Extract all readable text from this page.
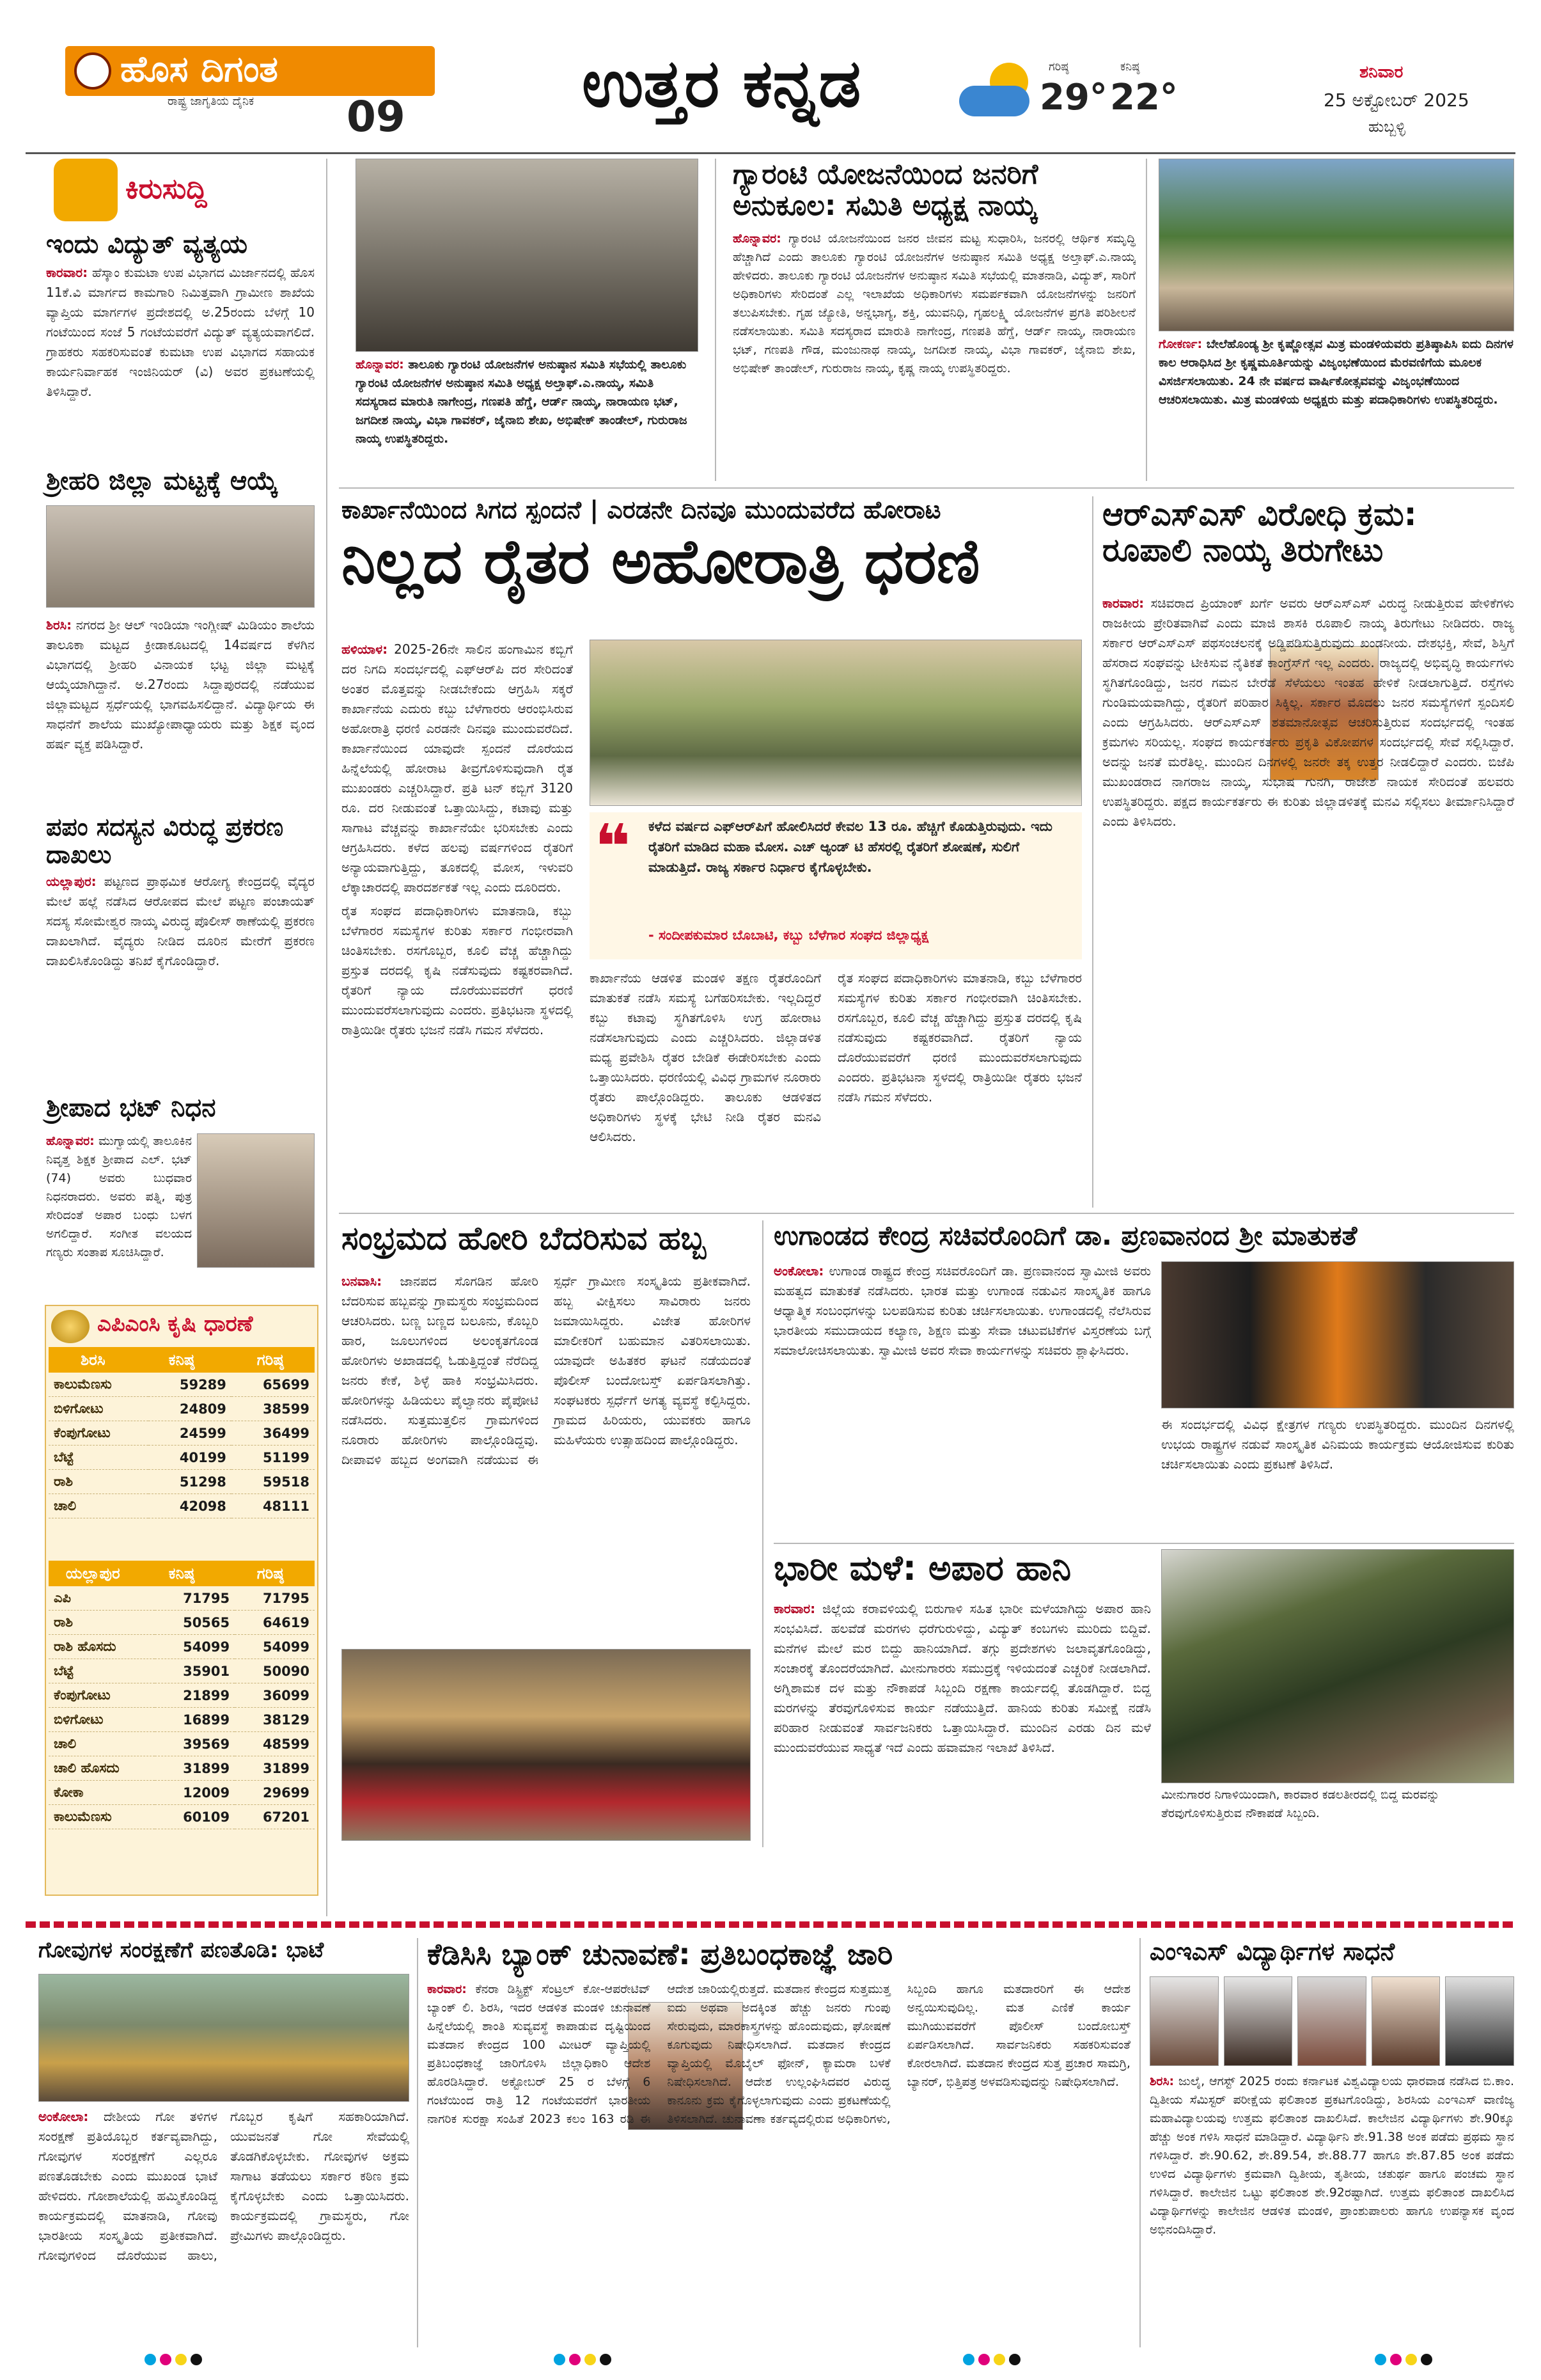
ಹೊಸ ದಿಗಂತ
ರಾಷ್ಟ್ರ ಜಾಗೃತಿಯ ದೈನಿಕ 09	ಉತ್ತರ ಕನ್ನಡ	ಗರಿಷ್ಠ
29°
ಕನಿಷ್ಠ
22°
ಶನಿವಾರ
25 ಅಕ್ಟೋಬರ್ 2025
ಹುಬ್ಬಳ್ಳಿ
ಕಿರುಸುದ್ದಿ
ಇಂದು ವಿದ್ಯುತ್ ವ್ಯತ್ಯಯ
ಕಾರವಾರ: ಹೆಸ್ಕಾಂ ಕುಮಟಾ ಉಪ ವಿಭಾಗದ ಮಿರ್ಜಾನದಲ್ಲಿ ಹೊಸ 11ಕೆ.ವಿ ಮಾರ್ಗದ ಕಾಮಗಾರಿ ನಿಮಿತ್ತವಾಗಿ ಗ್ರಾಮೀಣ ಶಾಖೆಯ ವ್ಯಾಪ್ತಿಯ ಮಾರ್ಗಗಳ ಪ್ರದೇಶದಲ್ಲಿ ಅ.25ರಂದು ಬೆಳಗ್ಗೆ 10 ಗಂಟೆಯಿಂದ ಸಂಜೆ 5 ಗಂಟೆಯವರೆಗೆ ವಿದ್ಯುತ್ ವ್ಯತ್ಯಯವಾಗಲಿದೆ. ಗ್ರಾಹಕರು ಸಹಕರಿಸುವಂತೆ ಕುಮಟಾ ಉಪ ವಿಭಾಗದ ಸಹಾಯಕ ಕಾರ್ಯನಿರ್ವಾಹಕ ಇಂಜಿನಿಯರ್ (ವಿ) ಅವರ ಪ್ರಕಟಣೆಯಲ್ಲಿ ತಿಳಿಸಿದ್ದಾರೆ.
ಶ್ರೀಹರಿ ಜಿಲ್ಲಾ ಮಟ್ಟಕ್ಕೆ ಆಯ್ಕೆ
ಶಿರಸಿ: ನಗರದ ಶ್ರೀ ಆಲ್ ಇಂಡಿಯಾ ಇಂಗ್ಲೀಷ್ ಮಿಡಿಯಂ ಶಾಲೆಯ ತಾಲೂಕಾ ಮಟ್ಟದ ಕ್ರೀಡಾಕೂಟದಲ್ಲಿ 14ವರ್ಷದ ಕೆಳಗಿನ ವಿಭಾಗದಲ್ಲಿ ಶ್ರೀಹರಿ ವಿನಾಯಕ ಭಟ್ಟ ಜಿಲ್ಲಾ ಮಟ್ಟಕ್ಕೆ ಆಯ್ಕೆಯಾಗಿದ್ದಾನೆ. ಅ.27ರಂದು ಸಿದ್ದಾಪುರದಲ್ಲಿ ನಡೆಯುವ ಜಿಲ್ಲಾಮಟ್ಟದ ಸ್ಪರ್ಧೆಯಲ್ಲಿ ಭಾಗವಹಿಸಲಿದ್ದಾನೆ. ವಿದ್ಯಾರ್ಥಿಯ ಈ ಸಾಧನೆಗೆ ಶಾಲೆಯ ಮುಖ್ಯೋಪಾಧ್ಯಾಯರು ಮತ್ತು ಶಿಕ್ಷಕ ವೃಂದ ಹರ್ಷ ವ್ಯಕ್ತ ಪಡಿಸಿದ್ದಾರೆ.
ಪಪಂ ಸದಸ್ಯನ ವಿರುದ್ಧ ಪ್ರಕರಣ ದಾಖಲು
ಯಲ್ಲಾಪುರ: ಪಟ್ಟಣದ ಪ್ರಾಥಮಿಕ ಆರೋಗ್ಯ ಕೇಂದ್ರದಲ್ಲಿ ವೈದ್ಯರ ಮೇಲೆ ಹಲ್ಲೆ ನಡೆಸಿದ ಆರೋಪದ ಮೇಲೆ ಪಟ್ಟಣ ಪಂಚಾಯತ್ ಸದಸ್ಯ ಸೋಮೇಶ್ವರ ನಾಯ್ಕ ವಿರುದ್ಧ ಪೊಲೀಸ್ ಠಾಣೆಯಲ್ಲಿ ಪ್ರಕರಣ ದಾಖಲಾಗಿದೆ. ವೈದ್ಯರು ನೀಡಿದ ದೂರಿನ ಮೇರೆಗೆ ಪ್ರಕರಣ ದಾಖಲಿಸಿಕೊಂಡಿದ್ದು ತನಿಖೆ ಕೈಗೊಂಡಿದ್ದಾರೆ.
ಶ್ರೀಪಾದ ಭಟ್ ನಿಧನ
ಹೊನ್ನಾವರ: ಮುಗ್ವಾಯಲ್ಲಿ ತಾಲೂಕಿನ ನಿವೃತ್ತ ಶಿಕ್ಷಕ ಶ್ರೀಪಾದ ಎಲ್. ಭಟ್ (74) ಅವರು ಬುಧವಾರ ನಿಧನರಾದರು. ಅವರು ಪತ್ನಿ, ಪುತ್ರ ಸೇರಿದಂತೆ ಅಪಾರ ಬಂಧು ಬಳಗ ಅಗಲಿದ್ದಾರೆ. ಸಂಗೀತ ವಲಯದ ಗಣ್ಯರು ಸಂತಾಪ ಸೂಚಿಸಿದ್ದಾರೆ.
ಎಪಿಎಂಸಿ ಕೃಷಿ ಧಾರಣೆ
ಶಿರಸಿ	ಕನಿಷ್ಠ	ಗರಿಷ್ಠ
ಕಾಲುಮೆಣಸು	59289	65699
ಬಿಳಿಗೋಟು	24809	38599
ಕೆಂಪುಗೋಟು	24599	36499
ಬೆಟ್ಟೆ	40199	51199
ರಾಶಿ	51298	59518
ಚಾಲಿ	42098	48111
ಯಲ್ಲಾಪುರ	ಕನಿಷ್ಠ	ಗರಿಷ್ಠ
ಎಪಿ	71795	71795
ರಾಶಿ	50565	64619
ರಾಶಿ ಹೊಸದು	54099	54099
ಬೆಟ್ಟೆ	35901	50090
ಕೆಂಪುಗೋಟು	21899	36099
ಬಿಳಿಗೋಟು	16899	38129
ಚಾಲಿ	39569	48599
ಚಾಲಿ ಹೊಸದು	31899	31899
ಕೋಕಾ	12009	29699
ಕಾಲುಮೆಣಸು	60109	67201
ಹೊನ್ನಾವರ: ತಾಲೂಕು ಗ್ಯಾರಂಟಿ ಯೋಜನೆಗಳ ಅನುಷ್ಠಾನ ಸಮಿತಿ ಸಭೆಯಲ್ಲಿ ತಾಲೂಕು ಗ್ಯಾರಂಟಿ ಯೋಜನೆಗಳ ಅನುಷ್ಠಾನ ಸಮಿತಿ ಅಧ್ಯಕ್ಷ ಅಲ್ತಾಫ್.ಎ.ನಾಯ್ಕ, ಸಮಿತಿ ಸದಸ್ಯರಾದ ಮಾರುತಿ ನಾಗೇಂದ್ರ, ಗಣಪತಿ ಹೆಗ್ಡೆ, ಆರ್ಡ್ ನಾಯ್ಕ, ನಾರಾಯಣ ಭಟ್, ಜಗದೀಶ ನಾಯ್ಕ, ವಿಭಾ ಗಾವಕರ್, ಜೈನಾಬಿ ಶೇಖ, ಅಭಿಷೇಕ್ ತಾಂಡೇಲ್, ಗುರುರಾಜ ನಾಯ್ಕ ಉಪಸ್ಥಿತರಿದ್ದರು.
ಗ್ಯಾರಂಟಿ ಯೋಜನೆಯಿಂದ ಜನರಿಗೆ ಅನುಕೂಲ: ಸಮಿತಿ ಅಧ್ಯಕ್ಷ ನಾಯ್ಕ
ಹೊನ್ನಾವರ: ಗ್ಯಾರಂಟಿ ಯೋಜನೆಯಿಂದ ಜನರ ಜೀವನ ಮಟ್ಟ ಸುಧಾರಿಸಿ, ಜನರಲ್ಲಿ ಆರ್ಥಿಕ ಸಮೃದ್ಧಿ ಹೆಚ್ಚಾಗಿದೆ ಎಂದು ತಾಲೂಕು ಗ್ಯಾರಂಟಿ ಯೋಜನೆಗಳ ಅನುಷ್ಠಾನ ಸಮಿತಿ ಅಧ್ಯಕ್ಷ ಅಲ್ತಾಫ್.ಎ.ನಾಯ್ಕ ಹೇಳಿದರು. ತಾಲೂಕು ಗ್ಯಾರಂಟಿ ಯೋಜನೆಗಳ ಅನುಷ್ಠಾನ ಸಮಿತಿ ಸಭೆಯಲ್ಲಿ ಮಾತನಾಡಿ, ವಿದ್ಯುತ್, ಸಾರಿಗೆ ಅಧಿಕಾರಿಗಳು ಸೇರಿದಂತೆ ಎಲ್ಲ ಇಲಾಖೆಯ ಅಧಿಕಾರಿಗಳು ಸಮರ್ಪಕವಾಗಿ ಯೋಜನೆಗಳನ್ನು ಜನರಿಗೆ ತಲುಪಿಸಬೇಕು. ಗೃಹ ಜ್ಯೋತಿ, ಅನ್ನಭಾಗ್ಯ, ಶಕ್ತಿ, ಯುವನಿಧಿ, ಗೃಹಲಕ್ಷ್ಮಿ ಯೋಜನೆಗಳ ಪ್ರಗತಿ ಪರಿಶೀಲನೆ ನಡೆಸಲಾಯಿತು. ಸಮಿತಿ ಸದಸ್ಯರಾದ ಮಾರುತಿ ನಾಗೇಂದ್ರ, ಗಣಪತಿ ಹೆಗ್ಡೆ, ಆರ್ಡ್ ನಾಯ್ಕ, ನಾರಾಯಣ ಭಟ್, ಗಣಪತಿ ಗೌಡ, ಮಂಜುನಾಥ ನಾಯ್ಕ, ಜಗದೀಶ ನಾಯ್ಕ, ವಿಭಾ ಗಾವಕರ್, ಜೈನಾಬಿ ಶೇಖ, ಅಭಿಷೇಕ್ ತಾಂಡೇಲ್, ಗುರುರಾಜ ನಾಯ್ಕ, ಕೃಷ್ಣ ನಾಯ್ಕ ಉಪಸ್ಥಿತರಿದ್ದರು.
ಗೋಕರ್ಣ: ಬೇಲೆಹೊಂಡ್ಯ ಶ್ರೀ ಕೃಷ್ಣೋತ್ಸವ ಮಿತ್ರ ಮಂಡಳಿಯವರು ಪ್ರತಿಷ್ಠಾಪಿಸಿ ಐದು ದಿನಗಳ ಕಾಲ ಆರಾಧಿಸಿದ ಶ್ರೀ ಕೃಷ್ಣಮೂರ್ತಿಯನ್ನು ವಿಜೃಂಭಣೆಯಿಂದ ಮೆರವಣಿಗೆಯ ಮೂಲಕ ವಿಸರ್ಜಿಸಲಾಯಿತು. 24 ನೇ ವರ್ಷದ ವಾರ್ಷಿಕೋತ್ಸವವನ್ನು ವಿಜೃಂಭಣೆಯಿಂದ ಆಚರಿಸಲಾಯಿತು. ಮಿತ್ರ ಮಂಡಳಿಯ ಅಧ್ಯಕ್ಷರು ಮತ್ತು ಪದಾಧಿಕಾರಿಗಳು ಉಪಸ್ಥಿತರಿದ್ದರು.
ಕಾರ್ಖಾನೆಯಿಂದ ಸಿಗದ ಸ್ಪಂದನೆ | ಎರಡನೇ ದಿನವೂ ಮುಂದುವರೆದ ಹೋರಾಟ
ನಿಲ್ಲದ ರೈತರ ಅಹೋರಾತ್ರಿ ಧರಣಿ
ಹಳಿಯಾಳ: 2025-26ನೇ ಸಾಲಿನ ಹಂಗಾಮಿನ ಕಬ್ಬಿಗೆ ದರ ನಿಗದಿ ಸಂದರ್ಭದಲ್ಲಿ ಎಫ್‌ಆರ್‌ಪಿ ದರ ಸೇರಿದಂತೆ ಅಂತರ ಮೊತ್ತವನ್ನು ನೀಡಬೇಕೆಂದು ಆಗ್ರಹಿಸಿ ಸಕ್ಕರೆ ಕಾರ್ಖಾನೆಯ ಎದುರು ಕಬ್ಬು ಬೆಳೆಗಾರರು ಆರಂಭಿಸಿರುವ ಅಹೋರಾತ್ರಿ ಧರಣಿ ಎರಡನೇ ದಿನವೂ ಮುಂದುವರೆದಿದೆ. ಕಾರ್ಖಾನೆಯಿಂದ ಯಾವುದೇ ಸ್ಪಂದನೆ ದೊರೆಯದ ಹಿನ್ನೆಲೆಯಲ್ಲಿ ಹೋರಾಟ ತೀವ್ರಗೊಳಿಸುವುದಾಗಿ ರೈತ ಮುಖಂಡರು ಎಚ್ಚರಿಸಿದ್ದಾರೆ. ಪ್ರತಿ ಟನ್ ಕಬ್ಬಿಗೆ 3120 ರೂ. ದರ ನೀಡುವಂತೆ ಒತ್ತಾಯಿಸಿದ್ದು, ಕಟಾವು ಮತ್ತು ಸಾಗಾಟ ವೆಚ್ಚವನ್ನು ಕಾರ್ಖಾನೆಯೇ ಭರಿಸಬೇಕು ಎಂದು ಆಗ್ರಹಿಸಿದರು. ಕಳೆದ ಹಲವು ವರ್ಷಗಳಿಂದ ರೈತರಿಗೆ ಅನ್ಯಾಯವಾಗುತ್ತಿದ್ದು, ತೂಕದಲ್ಲಿ ಮೋಸ, ಇಳುವರಿ ಲೆಕ್ಕಾಚಾರದಲ್ಲಿ ಪಾರದರ್ಶಕತೆ ಇಲ್ಲ ಎಂದು ದೂರಿದರು.

ರೈತ ಸಂಘದ ಪದಾಧಿಕಾರಿಗಳು ಮಾತನಾಡಿ, ಕಬ್ಬು ಬೆಳೆಗಾರರ ಸಮಸ್ಯೆಗಳ ಕುರಿತು ಸರ್ಕಾರ ಗಂಭೀರವಾಗಿ ಚಿಂತಿಸಬೇಕು. ರಸಗೊಬ್ಬರ, ಕೂಲಿ ವೆಚ್ಚ ಹೆಚ್ಚಾಗಿದ್ದು ಪ್ರಸ್ತುತ ದರದಲ್ಲಿ ಕೃಷಿ ನಡೆಸುವುದು ಕಷ್ಟಕರವಾಗಿದೆ. ರೈತರಿಗೆ ನ್ಯಾಯ ದೊರೆಯುವವರೆಗೆ ಧರಣಿ ಮುಂದುವರೆಸಲಾಗುವುದು ಎಂದರು. ಪ್ರತಿಭಟನಾ ಸ್ಥಳದಲ್ಲಿ ರಾತ್ರಿಯಿಡೀ ರೈತರು ಭಜನೆ ನಡೆಸಿ ಗಮನ ಸೆಳೆದರು.

❝ ಕಳೆದ ವರ್ಷದ ಎಫ್‌ಆರ್‌ಪಿಗೆ ಹೋಲಿಸಿದರೆ ಕೇವಲ 13 ರೂ. ಹೆಚ್ಚಿಗೆ ಕೊಡುತ್ತಿರುವುದು. ಇದು ರೈತರಿಗೆ ಮಾಡಿದ ಮಹಾ ಮೋಸ. ಎಚ್ ಆ್ಯಂಡ್ ಟಿ ಹೆಸರಲ್ಲಿ ರೈತರಿಗೆ ಶೋಷಣೆ, ಸುಲಿಗೆ ಮಾಡುತ್ತಿದೆ. ರಾಜ್ಯ ಸರ್ಕಾರ ನಿರ್ಧಾರ ಕೈಗೊಳ್ಳಬೇಕು.
- ಸಂದೀಪಕುಮಾರ ಬೊಬಾಟಿ, ಕಬ್ಬು ಬೆಳೆಗಾರ ಸಂಘದ ಜಿಲ್ಲಾಧ್ಯಕ್ಷ
ಕಾರ್ಖಾನೆಯ ಆಡಳಿತ ಮಂಡಳಿ ತಕ್ಷಣ ರೈತರೊಂದಿಗೆ ಮಾತುಕತೆ ನಡೆಸಿ ಸಮಸ್ಯೆ ಬಗೆಹರಿಸಬೇಕು. ಇಲ್ಲದಿದ್ದರೆ ಕಬ್ಬು ಕಟಾವು ಸ್ಥಗಿತಗೊಳಿಸಿ ಉಗ್ರ ಹೋರಾಟ ನಡೆಸಲಾಗುವುದು ಎಂದು ಎಚ್ಚರಿಸಿದರು. ಜಿಲ್ಲಾಡಳಿತ ಮಧ್ಯ ಪ್ರವೇಶಿಸಿ ರೈತರ ಬೇಡಿಕೆ ಈಡೇರಿಸಬೇಕು ಎಂದು ಒತ್ತಾಯಿಸಿದರು. ಧರಣಿಯಲ್ಲಿ ವಿವಿಧ ಗ್ರಾಮಗಳ ನೂರಾರು ರೈತರು ಪಾಲ್ಗೊಂಡಿದ್ದರು. ತಾಲೂಕು ಆಡಳಿತದ ಅಧಿಕಾರಿಗಳು ಸ್ಥಳಕ್ಕೆ ಭೇಟಿ ನೀಡಿ ರೈತರ ಮನವಿ ಆಲಿಸಿದರು.
ರೈತ ಸಂಘದ ಪದಾಧಿಕಾರಿಗಳು ಮಾತನಾಡಿ, ಕಬ್ಬು ಬೆಳೆಗಾರರ ಸಮಸ್ಯೆಗಳ ಕುರಿತು ಸರ್ಕಾರ ಗಂಭೀರವಾಗಿ ಚಿಂತಿಸಬೇಕು. ರಸಗೊಬ್ಬರ, ಕೂಲಿ ವೆಚ್ಚ ಹೆಚ್ಚಾಗಿದ್ದು ಪ್ರಸ್ತುತ ದರದಲ್ಲಿ ಕೃಷಿ ನಡೆಸುವುದು ಕಷ್ಟಕರವಾಗಿದೆ. ರೈತರಿಗೆ ನ್ಯಾಯ ದೊರೆಯುವವರೆಗೆ ಧರಣಿ ಮುಂದುವರೆಸಲಾಗುವುದು ಎಂದರು. ಪ್ರತಿಭಟನಾ ಸ್ಥಳದಲ್ಲಿ ರಾತ್ರಿಯಿಡೀ ರೈತರು ಭಜನೆ ನಡೆಸಿ ಗಮನ ಸೆಳೆದರು.
ಆರ್‌ಎಸ್‌ಎಸ್ ವಿರೋಧಿ ಕ್ರಮ: ರೂಪಾಲಿ ನಾಯ್ಕ ತಿರುಗೇಟು
ಕಾರವಾರ: ಸಚಿವರಾದ ಪ್ರಿಯಾಂಕ್ ಖರ್ಗೆ ಅವರು ಆರ್‌ಎಸ್‌ಎಸ್ ವಿರುದ್ಧ ನೀಡುತ್ತಿರುವ ಹೇಳಿಕೆಗಳು ರಾಜಕೀಯ ಪ್ರೇರಿತವಾಗಿವೆ ಎಂದು ಮಾಜಿ ಶಾಸಕಿ ರೂಪಾಲಿ ನಾಯ್ಕ ತಿರುಗೇಟು ನೀಡಿದರು. ರಾಜ್ಯ ಸರ್ಕಾರ ಆರ್‌ಎಸ್‌ಎಸ್ ಪಥಸಂಚಲನಕ್ಕೆ ಅಡ್ಡಿಪಡಿಸುತ್ತಿರುವುದು ಖಂಡನೀಯ. ದೇಶಭಕ್ತಿ, ಸೇವೆ, ಶಿಸ್ತಿಗೆ ಹೆಸರಾದ ಸಂಘವನ್ನು ಟೀಕಿಸುವ ನೈತಿಕತೆ ಕಾಂಗ್ರೆಸ್‌ಗೆ ಇಲ್ಲ ಎಂದರು. ರಾಜ್ಯದಲ್ಲಿ ಅಭಿವೃದ್ಧಿ ಕಾರ್ಯಗಳು ಸ್ಥಗಿತಗೊಂಡಿದ್ದು, ಜನರ ಗಮನ ಬೇರೆಡೆ ಸೆಳೆಯಲು ಇಂತಹ ಹೇಳಿಕೆ ನೀಡಲಾಗುತ್ತಿದೆ. ರಸ್ತೆಗಳು ಗುಂಡಿಮಯವಾಗಿದ್ದು, ರೈತರಿಗೆ ಪರಿಹಾರ ಸಿಕ್ಕಿಲ್ಲ. ಸರ್ಕಾರ ಮೊದಲು ಜನರ ಸಮಸ್ಯೆಗಳಿಗೆ ಸ್ಪಂದಿಸಲಿ ಎಂದು ಆಗ್ರಹಿಸಿದರು. ಆರ್‌ಎಸ್‌ಎಸ್ ಶತಮಾನೋತ್ಸವ ಆಚರಿಸುತ್ತಿರುವ ಸಂದರ್ಭದಲ್ಲಿ ಇಂತಹ ಕ್ರಮಗಳು ಸರಿಯಲ್ಲ. ಸಂಘದ ಕಾರ್ಯಕರ್ತರು ಪ್ರಕೃತಿ ವಿಕೋಪಗಳ ಸಂದರ್ಭದಲ್ಲಿ ಸೇವೆ ಸಲ್ಲಿಸಿದ್ದಾರೆ. ಅದನ್ನು ಜನತೆ ಮರೆತಿಲ್ಲ. ಮುಂದಿನ ದಿನಗಳಲ್ಲಿ ಜನರೇ ತಕ್ಕ ಉತ್ತರ ನೀಡಲಿದ್ದಾರೆ ಎಂದರು. ಬಿಜೆಪಿ ಮುಖಂಡರಾದ ನಾಗರಾಜ ನಾಯ್ಕ, ಸುಭಾಷ ಗುನಗಿ, ರಾಜೇಶ ನಾಯಕ ಸೇರಿದಂತೆ ಹಲವರು ಉಪಸ್ಥಿತರಿದ್ದರು. ಪಕ್ಷದ ಕಾರ್ಯಕರ್ತರು ಈ ಕುರಿತು ಜಿಲ್ಲಾಡಳಿತಕ್ಕೆ ಮನವಿ ಸಲ್ಲಿಸಲು ತೀರ್ಮಾನಿಸಿದ್ದಾರೆ ಎಂದು ತಿಳಿಸಿದರು.
ಸಂಭ್ರಮದ ಹೋರಿ ಬೆದರಿಸುವ ಹಬ್ಬ
ಬನವಾಸಿ: ಜಾನಪದ ಸೊಗಡಿನ ಹೋರಿ ಬೆದರಿಸುವ ಹಬ್ಬವನ್ನು ಗ್ರಾಮಸ್ಥರು ಸಂಭ್ರಮದಿಂದ ಆಚರಿಸಿದರು. ಬಣ್ಣ ಬಣ್ಣದ ಬಲೂನು, ಕೊಬ್ಬರಿ ಹಾರ, ಜೂಲುಗಳಿಂದ ಅಲಂಕೃತಗೊಂಡ ಹೋರಿಗಳು ಅಖಾಡದಲ್ಲಿ ಓಡುತ್ತಿದ್ದಂತೆ ನೆರೆದಿದ್ದ ಜನರು ಕೇಕೆ, ಶಿಳ್ಳೆ ಹಾಕಿ ಸಂಭ್ರಮಿಸಿದರು. ಹೋರಿಗಳನ್ನು ಹಿಡಿಯಲು ಪೈಲ್ವಾನರು ಪೈಪೋಟಿ ನಡೆಸಿದರು. ಸುತ್ತಮುತ್ತಲಿನ ಗ್ರಾಮಗಳಿಂದ ನೂರಾರು ಹೋರಿಗಳು ಪಾಲ್ಗೊಂಡಿದ್ದವು. ದೀಪಾವಳಿ ಹಬ್ಬದ ಅಂಗವಾಗಿ ನಡೆಯುವ ಈ ಸ್ಪರ್ಧೆ ಗ್ರಾಮೀಣ ಸಂಸ್ಕೃತಿಯ ಪ್ರತೀಕವಾಗಿದೆ. ಹಬ್ಬ ವೀಕ್ಷಿಸಲು ಸಾವಿರಾರು ಜನರು ಜಮಾಯಿಸಿದ್ದರು. ವಿಜೇತ ಹೋರಿಗಳ ಮಾಲೀಕರಿಗೆ ಬಹುಮಾನ ವಿತರಿಸಲಾಯಿತು. ಯಾವುದೇ ಅಹಿತಕರ ಘಟನೆ ನಡೆಯದಂತೆ ಪೊಲೀಸ್ ಬಂದೋಬಸ್ತ್ ಏರ್ಪಡಿಸಲಾಗಿತ್ತು. ಸಂಘಟಕರು ಸ್ಪರ್ಧೆಗೆ ಅಗತ್ಯ ವ್ಯವಸ್ಥೆ ಕಲ್ಪಿಸಿದ್ದರು. ಗ್ರಾಮದ ಹಿರಿಯರು, ಯುವಕರು ಹಾಗೂ ಮಹಿಳೆಯರು ಉತ್ಸಾಹದಿಂದ ಪಾಲ್ಗೊಂಡಿದ್ದರು.
ಉಗಾಂಡದ ಕೇಂದ್ರ ಸಚಿವರೊಂದಿಗೆ ಡಾ. ಪ್ರಣವಾನಂದ ಶ್ರೀ ಮಾತುಕತೆ
ಅಂಕೋಲಾ: ಉಗಾಂಡ ರಾಷ್ಟ್ರದ ಕೇಂದ್ರ ಸಚಿವರೊಂದಿಗೆ ಡಾ. ಪ್ರಣವಾನಂದ ಸ್ವಾಮೀಜಿ ಅವರು ಮಹತ್ವದ ಮಾತುಕತೆ ನಡೆಸಿದರು. ಭಾರತ ಮತ್ತು ಉಗಾಂಡ ನಡುವಿನ ಸಾಂಸ್ಕೃತಿಕ ಹಾಗೂ ಆಧ್ಯಾತ್ಮಿಕ ಸಂಬಂಧಗಳನ್ನು ಬಲಪಡಿಸುವ ಕುರಿತು ಚರ್ಚಿಸಲಾಯಿತು. ಉಗಾಂಡದಲ್ಲಿ ನೆಲೆಸಿರುವ ಭಾರತೀಯ ಸಮುದಾಯದ ಕಲ್ಯಾಣ, ಶಿಕ್ಷಣ ಮತ್ತು ಸೇವಾ ಚಟುವಟಿಕೆಗಳ ವಿಸ್ತರಣೆಯ ಬಗ್ಗೆ ಸಮಾಲೋಚಿಸಲಾಯಿತು. ಸ್ವಾಮೀಜಿ ಅವರ ಸೇವಾ ಕಾರ್ಯಗಳನ್ನು ಸಚಿವರು ಶ್ಲಾಘಿಸಿದರು.
ಈ ಸಂದರ್ಭದಲ್ಲಿ ವಿವಿಧ ಕ್ಷೇತ್ರಗಳ ಗಣ್ಯರು ಉಪಸ್ಥಿತರಿದ್ದರು. ಮುಂದಿನ ದಿನಗಳಲ್ಲಿ ಉಭಯ ರಾಷ್ಟ್ರಗಳ ನಡುವೆ ಸಾಂಸ್ಕೃತಿಕ ವಿನಿಮಯ ಕಾರ್ಯಕ್ರಮ ಆಯೋಜಿಸುವ ಕುರಿತು ಚರ್ಚಿಸಲಾಯಿತು ಎಂದು ಪ್ರಕಟಣೆ ತಿಳಿಸಿದೆ.
ಭಾರೀ ಮಳೆ: ಅಪಾರ ಹಾನಿ
ಕಾರವಾರ: ಜಿಲ್ಲೆಯ ಕರಾವಳಿಯಲ್ಲಿ ಬಿರುಗಾಳಿ ಸಹಿತ ಭಾರೀ ಮಳೆಯಾಗಿದ್ದು ಅಪಾರ ಹಾನಿ ಸಂಭವಿಸಿದೆ. ಹಲವೆಡೆ ಮರಗಳು ಧರೆಗುರುಳಿದ್ದು, ವಿದ್ಯುತ್ ಕಂಬಗಳು ಮುರಿದು ಬಿದ್ದಿವೆ. ಮನೆಗಳ ಮೇಲೆ ಮರ ಬಿದ್ದು ಹಾನಿಯಾಗಿದೆ. ತಗ್ಗು ಪ್ರದೇಶಗಳು ಜಲಾವೃತಗೊಂಡಿದ್ದು, ಸಂಚಾರಕ್ಕೆ ತೊಂದರೆಯಾಗಿದೆ. ಮೀನುಗಾರರು ಸಮುದ್ರಕ್ಕೆ ಇಳಿಯದಂತೆ ಎಚ್ಚರಿಕೆ ನೀಡಲಾಗಿದೆ. ಅಗ್ನಿಶಾಮಕ ದಳ ಮತ್ತು ನೌಕಾಪಡೆ ಸಿಬ್ಬಂದಿ ರಕ್ಷಣಾ ಕಾರ್ಯದಲ್ಲಿ ತೊಡಗಿದ್ದಾರೆ. ಬಿದ್ದ ಮರಗಳನ್ನು ತೆರವುಗೊಳಿಸುವ ಕಾರ್ಯ ನಡೆಯುತ್ತಿದೆ. ಹಾನಿಯ ಕುರಿತು ಸಮೀಕ್ಷೆ ನಡೆಸಿ ಪರಿಹಾರ ನೀಡುವಂತೆ ಸಾರ್ವಜನಿಕರು ಒತ್ತಾಯಿಸಿದ್ದಾರೆ. ಮುಂದಿನ ಎರಡು ದಿನ ಮಳೆ ಮುಂದುವರೆಯುವ ಸಾಧ್ಯತೆ ಇದೆ ಎಂದು ಹವಾಮಾನ ಇಲಾಖೆ ತಿಳಿಸಿದೆ.
ಮೀನುಗಾರರ ನಿಗಾಳಿಯಿಂದಾಗಿ, ಕಾರವಾರ ಕಡಲತೀರದಲ್ಲಿ ಬಿದ್ದ ಮರವನ್ನು ತೆರವುಗೊಳಿಸುತ್ತಿರುವ ನೌಕಾಪಡೆ ಸಿಬ್ಬಂದಿ.
ಗೋವುಗಳ ಸಂರಕ್ಷಣೆಗೆ ಪಣತೊಡಿ: ಭಾಟೆ
ಅಂಕೋಲಾ: ದೇಶೀಯ ಗೋ ತಳಿಗಳ ಸಂರಕ್ಷಣೆ ಪ್ರತಿಯೊಬ್ಬರ ಕರ್ತವ್ಯವಾಗಿದ್ದು, ಗೋವುಗಳ ಸಂರಕ್ಷಣೆಗೆ ಎಲ್ಲರೂ ಪಣತೊಡಬೇಕು ಎಂದು ಮುಖಂಡ ಭಾಟೆ ಹೇಳಿದರು. ಗೋಶಾಲೆಯಲ್ಲಿ ಹಮ್ಮಿಕೊಂಡಿದ್ದ ಕಾರ್ಯಕ್ರಮದಲ್ಲಿ ಮಾತನಾಡಿ, ಗೋವು ಭಾರತೀಯ ಸಂಸ್ಕೃತಿಯ ಪ್ರತೀಕವಾಗಿದೆ. ಗೋವುಗಳಿಂದ ದೊರೆಯುವ ಹಾಲು, ಗೊಬ್ಬರ ಕೃಷಿಗೆ ಸಹಕಾರಿಯಾಗಿದೆ. ಯುವಜನತೆ ಗೋ ಸೇವೆಯಲ್ಲಿ ತೊಡಗಿಕೊಳ್ಳಬೇಕು. ಗೋವುಗಳ ಅಕ್ರಮ ಸಾಗಾಟ ತಡೆಯಲು ಸರ್ಕಾರ ಕಠಿಣ ಕ್ರಮ ಕೈಗೊಳ್ಳಬೇಕು ಎಂದು ಒತ್ತಾಯಿಸಿದರು. ಕಾರ್ಯಕ್ರಮದಲ್ಲಿ ಗ್ರಾಮಸ್ಥರು, ಗೋ ಪ್ರೇಮಿಗಳು ಪಾಲ್ಗೊಂಡಿದ್ದರು.
ಕೆಡಿಸಿಸಿ ಬ್ಯಾಂಕ್ ಚುನಾವಣೆ: ಪ್ರತಿಬಂಧಕಾಜ್ಞೆ ಜಾರಿ
ಕಾರವಾರ: ಕೆನರಾ ಡಿಸ್ಟ್ರಿಕ್ಟ್ ಸೆಂಟ್ರಲ್ ಕೋ-ಆಪರೇಟಿವ್ ಬ್ಯಾಂಕ್ ಲಿ. ಶಿರಸಿ, ಇದರ ಆಡಳಿತ ಮಂಡಳಿ ಚುನಾವಣೆ ಹಿನ್ನೆಲೆಯಲ್ಲಿ ಶಾಂತಿ ಸುವ್ಯವಸ್ಥೆ ಕಾಪಾಡುವ ದೃಷ್ಟಿಯಿಂದ ಮತದಾನ ಕೇಂದ್ರದ 100 ಮೀಟರ್ ವ್ಯಾಪ್ತಿಯಲ್ಲಿ ಪ್ರತಿಬಂಧಕಾಜ್ಞೆ ಜಾರಿಗೊಳಿಸಿ ಜಿಲ್ಲಾಧಿಕಾರಿ ಆದೇಶ ಹೊರಡಿಸಿದ್ದಾರೆ. ಅಕ್ಟೋಬರ್ 25 ರ ಬೆಳಗ್ಗೆ 6 ಗಂಟೆಯಿಂದ ರಾತ್ರಿ 12 ಗಂಟೆಯವರೆಗೆ ಭಾರತೀಯ ನಾಗರಿಕ ಸುರಕ್ಷಾ ಸಂಹಿತೆ 2023 ಕಲಂ 163 ರಡಿ ಈ ಆದೇಶ ಜಾರಿಯಲ್ಲಿರುತ್ತದೆ. ಮತದಾನ ಕೇಂದ್ರದ ಸುತ್ತಮುತ್ತ ಐದು ಅಥವಾ ಅದಕ್ಕಿಂತ ಹೆಚ್ಚು ಜನರು ಗುಂಪು ಸೇರುವುದು, ಮಾರಕಾಸ್ತ್ರಗಳನ್ನು ಹೊಂದುವುದು, ಘೋಷಣೆ ಕೂಗುವುದು ನಿಷೇಧಿಸಲಾಗಿದೆ. ಮತದಾನ ಕೇಂದ್ರದ ವ್ಯಾಪ್ತಿಯಲ್ಲಿ ಮೊಬೈಲ್ ಫೋನ್, ಕ್ಯಾಮರಾ ಬಳಕೆ ನಿಷೇಧಿಸಲಾಗಿದೆ. ಆದೇಶ ಉಲ್ಲಂಘಿಸಿದವರ ವಿರುದ್ಧ ಕಾನೂನು ಕ್ರಮ ಕೈಗೊಳ್ಳಲಾಗುವುದು ಎಂದು ಪ್ರಕಟಣೆಯಲ್ಲಿ ತಿಳಿಸಲಾಗಿದೆ. ಚುನಾವಣಾ ಕರ್ತವ್ಯದಲ್ಲಿರುವ ಅಧಿಕಾರಿಗಳು, ಸಿಬ್ಬಂದಿ ಹಾಗೂ ಮತದಾರರಿಗೆ ಈ ಆದೇಶ ಅನ್ವಯಿಸುವುದಿಲ್ಲ. ಮತ ಎಣಿಕೆ ಕಾರ್ಯ ಮುಗಿಯುವವರೆಗೆ ಪೊಲೀಸ್ ಬಂದೋಬಸ್ತ್ ಏರ್ಪಡಿಸಲಾಗಿದೆ. ಸಾರ್ವಜನಿಕರು ಸಹಕರಿಸುವಂತೆ ಕೋರಲಾಗಿದೆ. ಮತದಾನ ಕೇಂದ್ರದ ಸುತ್ತ ಪ್ರಚಾರ ಸಾಮಗ್ರಿ, ಬ್ಯಾನರ್, ಭಿತ್ತಿಪತ್ರ ಅಳವಡಿಸುವುದನ್ನು ನಿಷೇಧಿಸಲಾಗಿದೆ.
ಎಂಇಎಸ್ ವಿದ್ಯಾರ್ಥಿಗಳ ಸಾಧನೆ
ಶಿರಸಿ: ಜುಲೈ, ಆಗಸ್ಟ್ 2025 ರಂದು ಕರ್ನಾಟಕ ವಿಶ್ವವಿದ್ಯಾಲಯ ಧಾರವಾಡ ನಡೆಸಿದ ಬಿ.ಕಾಂ. ದ್ವಿತೀಯ ಸೆಮಿಸ್ಟರ್ ಪರೀಕ್ಷೆಯ ಫಲಿತಾಂಶ ಪ್ರಕಟಗೊಂಡಿದ್ದು, ಶಿರಸಿಯ ಎಂಇಎಸ್ ವಾಣಿಜ್ಯ ಮಹಾವಿದ್ಯಾಲಯವು ಉತ್ತಮ ಫಲಿತಾಂಶ ದಾಖಲಿಸಿದೆ. ಕಾಲೇಜಿನ ವಿದ್ಯಾರ್ಥಿಗಳು ಶೇ.90ಕ್ಕೂ ಹೆಚ್ಚು ಅಂಕ ಗಳಿಸಿ ಸಾಧನೆ ಮಾಡಿದ್ದಾರೆ. ವಿದ್ಯಾರ್ಥಿನಿ ಶೇ.91.38 ಅಂಕ ಪಡೆದು ಪ್ರಥಮ ಸ್ಥಾನ ಗಳಿಸಿದ್ದಾರೆ. ಶೇ.90.62, ಶೇ.89.54, ಶೇ.88.77 ಹಾಗೂ ಶೇ.87.85 ಅಂಕ ಪಡೆದು ಉಳಿದ ವಿದ್ಯಾರ್ಥಿಗಳು ಕ್ರಮವಾಗಿ ದ್ವಿತೀಯ, ತೃತೀಯ, ಚತುರ್ಥ ಹಾಗೂ ಪಂಚಮ ಸ್ಥಾನ ಗಳಿಸಿದ್ದಾರೆ. ಕಾಲೇಜಿನ ಒಟ್ಟು ಫಲಿತಾಂಶ ಶೇ.92ರಷ್ಟಾಗಿದೆ. ಉತ್ತಮ ಫಲಿತಾಂಶ ದಾಖಲಿಸಿದ ವಿದ್ಯಾರ್ಥಿಗಳನ್ನು ಕಾಲೇಜಿನ ಆಡಳಿತ ಮಂಡಳಿ, ಪ್ರಾಂಶುಪಾಲರು ಹಾಗೂ ಉಪನ್ಯಾಸಕ ವೃಂದ ಅಭಿನಂದಿಸಿದ್ದಾರೆ.
